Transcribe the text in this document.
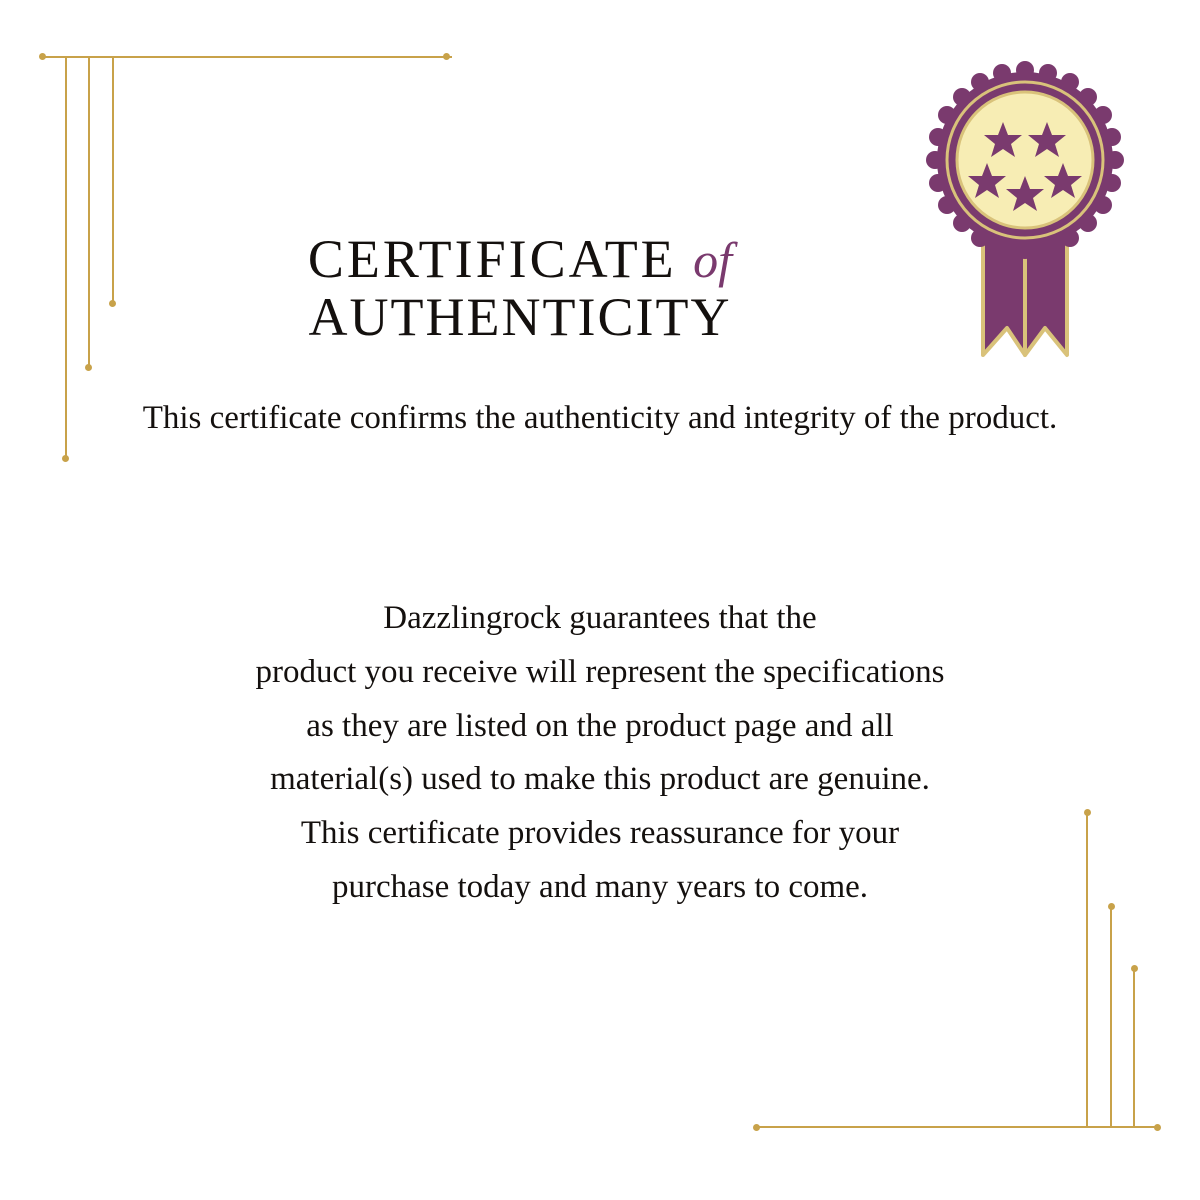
CERTIFICATE of
AUTHENTICITY
This certificate confirms the authenticity and integrity of the product.

Dazzlingrock guarantees that the

product you receive will represent the specifications

as they are listed on the product page and all

material(s) used to make this product are genuine.

This certificate provides reassurance for your

purchase today and many years to come.
